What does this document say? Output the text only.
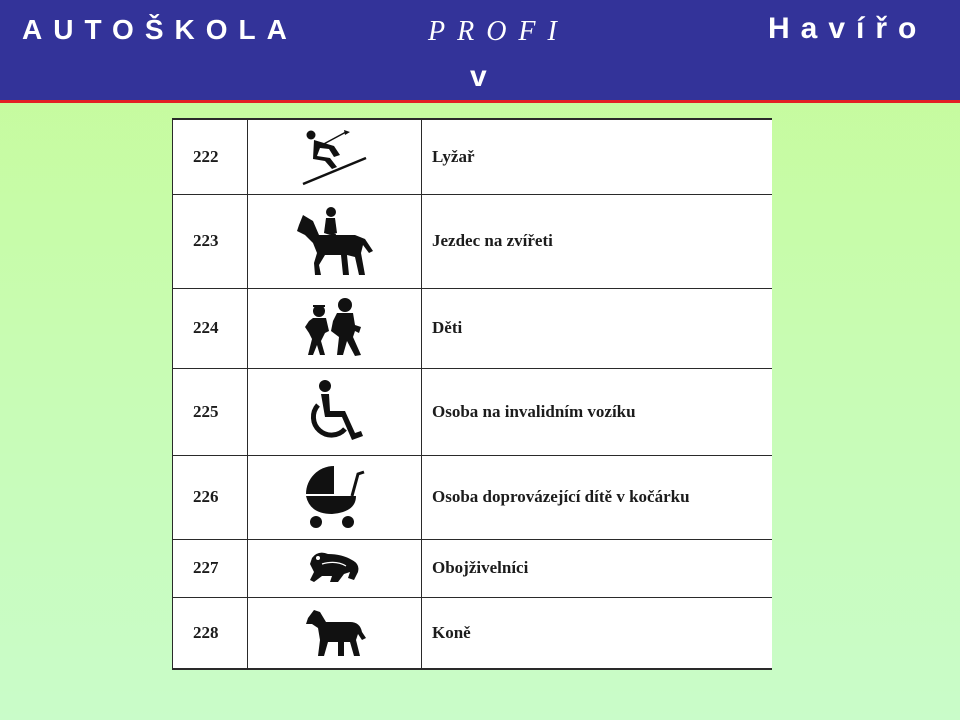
AUTOŠKOLA	PROFI	Havířo
v
222		Lyžař
223		Jezdec na zvířeti
224		Děti
225		Osoba na invalidním vozíku
226		Osoba doprovázející dítě v kočárku
227		Obojživelníci
228		Koně
